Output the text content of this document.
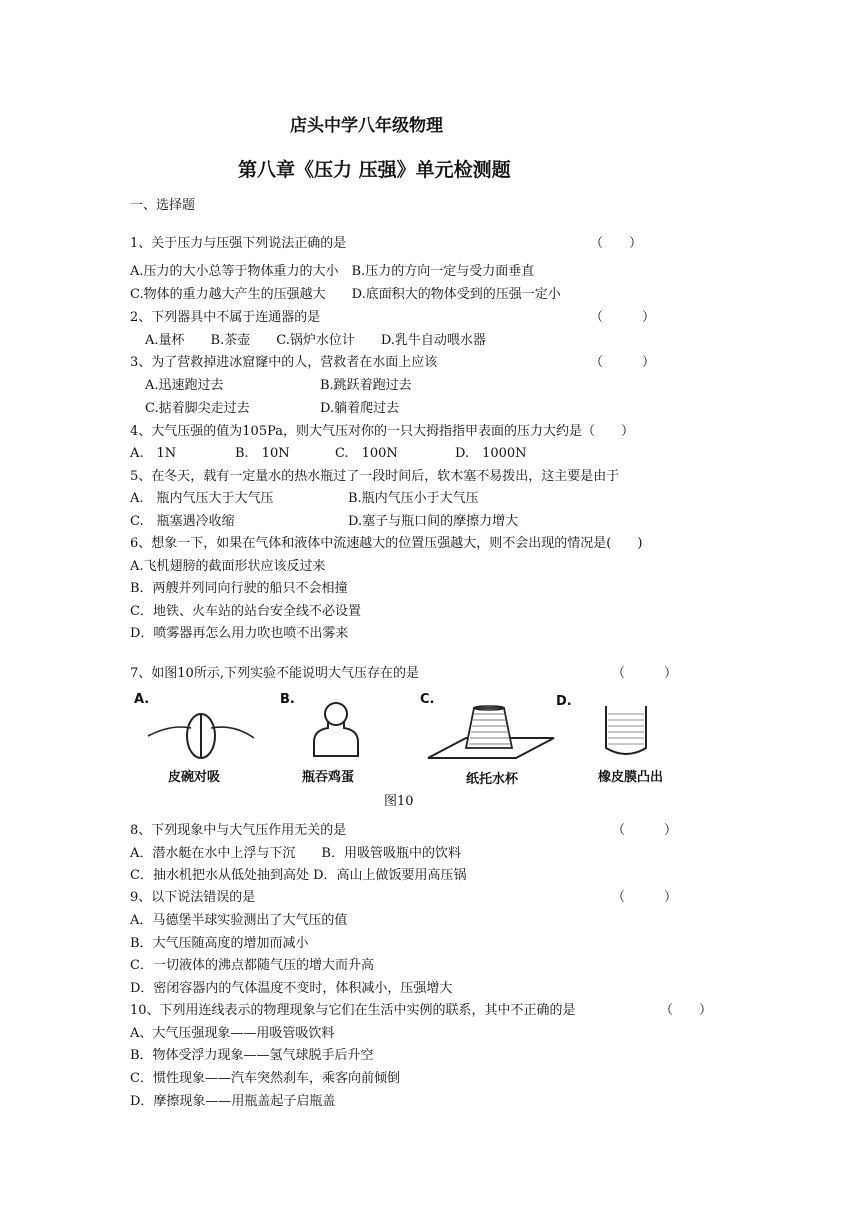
店头中学八年级物理
第八章《压力 压强》单元检测题
一、选择题
1、关于压力与压强下列说法正确的是	（　　）
A.压力的大小总等于物体重力的大小　B.压力的方向一定与受力面垂直
C.物体的重力越大产生的压强越大　　D.底面积大的物体受到的压强一定小
2、下列器具中不属于连通器的是	（　　　）
A.量杯　　B.茶壶　　C.锅炉水位计　　D.乳牛自动喂水器
3、为了营救掉进冰窟窿中的人，营救者在水面上应该	（　　　）
A.迅速跑过去	B.跳跃着跑过去
C.掂着脚尖走过去	D.躺着爬过去
4、大气压强的值为105Pa，则大气压对你的一只大拇指指甲表面的压力大约是（　　）
A.　1N	B.　10N	C.　100N	D.　1000N
5、在冬天，载有一定量水的热水瓶过了一段时间后，软木塞不易拨出，这主要是由于
A.　瓶内气压大于大气压	B.瓶内气压小于大气压
C.　瓶塞遇冷收缩	D.塞子与瓶口间的摩擦力增大
6、想象一下，如果在气体和液体中流速越大的位置压强越大，则不会出现的情况是(　　)
A.飞机翅膀的截面形状应该反过来
B．两艘并列同向行驶的船只不会相撞
C．地铁、火车站的站台安全线不必设置
D．喷雾器再怎么用力吹也喷不出雾来
7、如图10所示,下列实验不能说明大气压存在的是	（　　　）
A.	B.	C.	D.
皮碗对吸	瓶吞鸡蛋	纸托水杯	橡皮膜凸出
图10
8、下列现象中与大气压作用无关的是	（　　　）
A．潜水艇在水中上浮与下沉　　B．用吸管吸瓶中的饮料
C．抽水机把水从低处抽到高处 D．高山上做饭要用高压锅
9、以下说法错误的是	（　　　）
A．马德堡半球实验测出了大气压的值
B．大气压随高度的增加而减小
C．一切液体的沸点都随气压的增大而升高
D．密闭容器内的气体温度不变时，体积减小，压强增大
10、下列用连线表示的物理现象与它们在生活中实例的联系，其中不正确的是	（　　）
A、大气压强现象——用吸管吸饮料
B．物体受浮力现象——氢气球脱手后升空
C．惯性现象——汽车突然刹车，乘客向前倾倒
D．摩擦现象——用瓶盖起子启瓶盖
